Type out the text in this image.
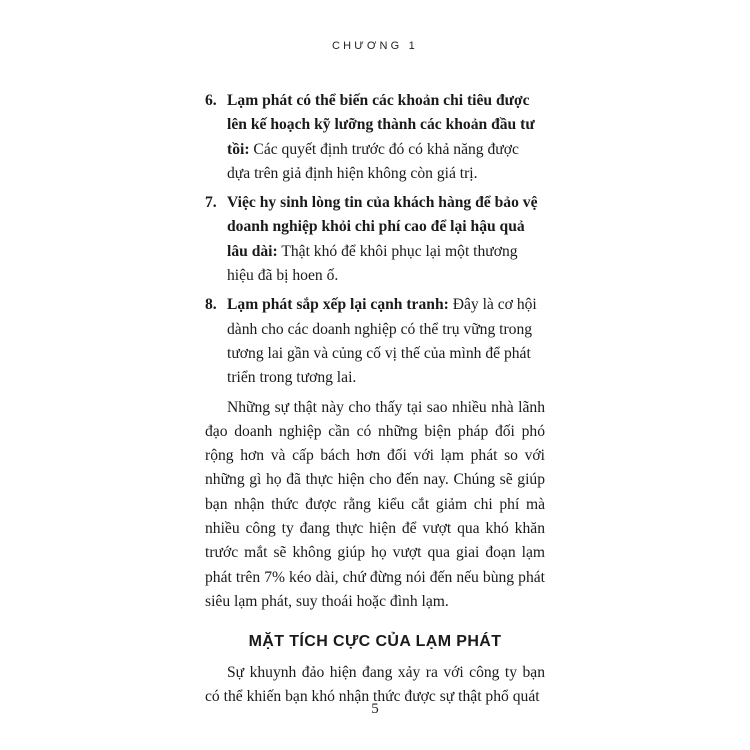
CHƯƠNG 1
6. Lạm phát có thể biến các khoản chi tiêu được lên kế hoạch kỹ lưỡng thành các khoản đầu tư tồi: Các quyết định trước đó có khả năng được dựa trên giả định hiện không còn giá trị.
7. Việc hy sinh lòng tin của khách hàng để bảo vệ doanh nghiệp khỏi chi phí cao để lại hậu quả lâu dài: Thật khó để khôi phục lại một thương hiệu đã bị hoen ố.
8. Lạm phát sắp xếp lại cạnh tranh: Đây là cơ hội dành cho các doanh nghiệp có thể trụ vững trong tương lai gần và củng cố vị thế của mình để phát triển trong tương lai.

Những sự thật này cho thấy tại sao nhiều nhà lãnh đạo doanh nghiệp cần có những biện pháp đối phó rộng hơn và cấp bách hơn đối với lạm phát so với những gì họ đã thực hiện cho đến nay. Chúng sẽ giúp bạn nhận thức được rằng kiểu cắt giảm chi phí mà nhiều công ty đang thực hiện để vượt qua khó khăn trước mắt sẽ không giúp họ vượt qua giai đoạn lạm phát trên 7% kéo dài, chứ đừng nói đến nếu bùng phát siêu lạm phát, suy thoái hoặc đình lạm.

MẶT TÍCH CỰC CỦA LẠM PHÁT

Sự khuynh đảo hiện đang xảy ra với công ty bạn có thể khiến bạn khó nhận thức được sự thật phổ quát

5
